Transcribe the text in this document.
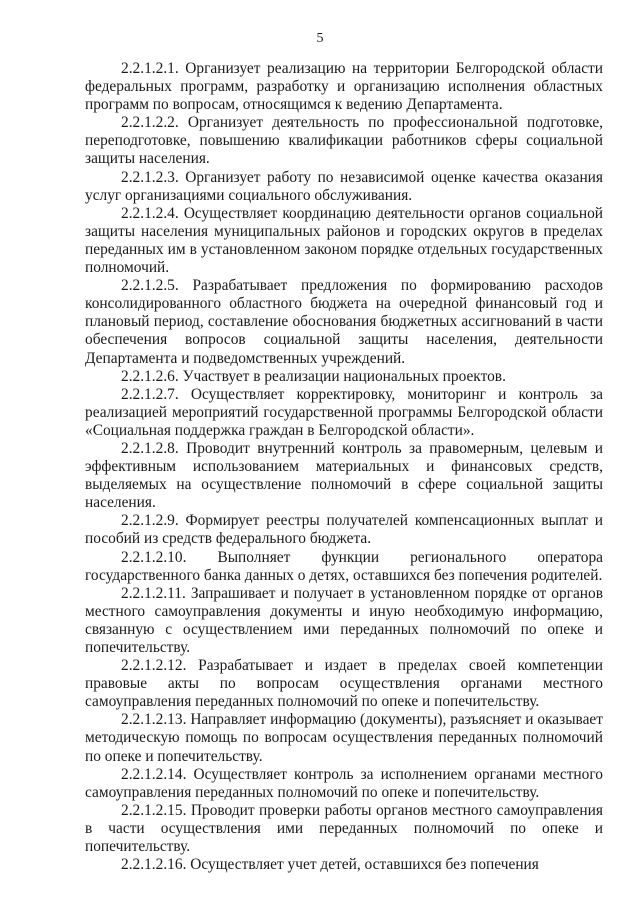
5

2.2.1.2.1. Организует реализацию на территории Белгородской области федеральных программ, разработку и организацию исполнения областных программ по вопросам, относящимся к ведению Департамента.

2.2.1.2.2. Организует деятельность по профессиональной подготовке, переподготовке, повышению квалификации работников сферы социальной защиты населения.

2.2.1.2.3. Организует работу по независимой оценке качества оказания услуг организациями социального обслуживания.

2.2.1.2.4. Осуществляет координацию деятельности органов социальной защиты населения муниципальных районов и городских округов в пределах переданных им в установленном законом порядке отдельных государственных полномочий.

2.2.1.2.5. Разрабатывает предложения по формированию расходов консолидированного областного бюджета на очередной финансовый год и плановый период, составление обоснования бюджетных ассигнований в части обеспечения вопросов социальной защиты населения, деятельности Департамента и подведомственных учреждений.

2.2.1.2.6. Участвует в реализации национальных проектов.

2.2.1.2.7. Осуществляет корректировку, мониторинг и контроль за реализацией мероприятий государственной программы Белгородской области «Социальная поддержка граждан в Белгородской области».

2.2.1.2.8. Проводит внутренний контроль за правомерным, целевым и эффективным использованием материальных и финансовых средств, выделяемых на осуществление полномочий в сфере социальной защиты населения.

2.2.1.2.9. Формирует реестры получателей компенсационных выплат и пособий из средств федерального бюджета.

2.2.1.2.10. Выполняет функции регионального оператора государственного банка данных о детях, оставшихся без попечения родителей.

2.2.1.2.11. Запрашивает и получает в установленном порядке от органов местного самоуправления документы и иную необходимую информацию, связанную с осуществлением ими переданных полномочий по опеке и попечительству.

2.2.1.2.12. Разрабатывает и издает в пределах своей компетенции правовые акты по вопросам осуществления органами местного самоуправления переданных полномочий по опеке и попечительству.

2.2.1.2.13. Направляет информацию (документы), разъясняет и оказывает методическую помощь по вопросам осуществления переданных полномочий по опеке и попечительству.

2.2.1.2.14. Осуществляет контроль за исполнением органами местного самоуправления переданных полномочий по опеке и попечительству.

2.2.1.2.15. Проводит проверки работы органов местного самоуправления в части осуществления ими переданных полномочий по опеке и попечительству.

2.2.1.2.16. Осуществляет учет детей, оставшихся без попечения
